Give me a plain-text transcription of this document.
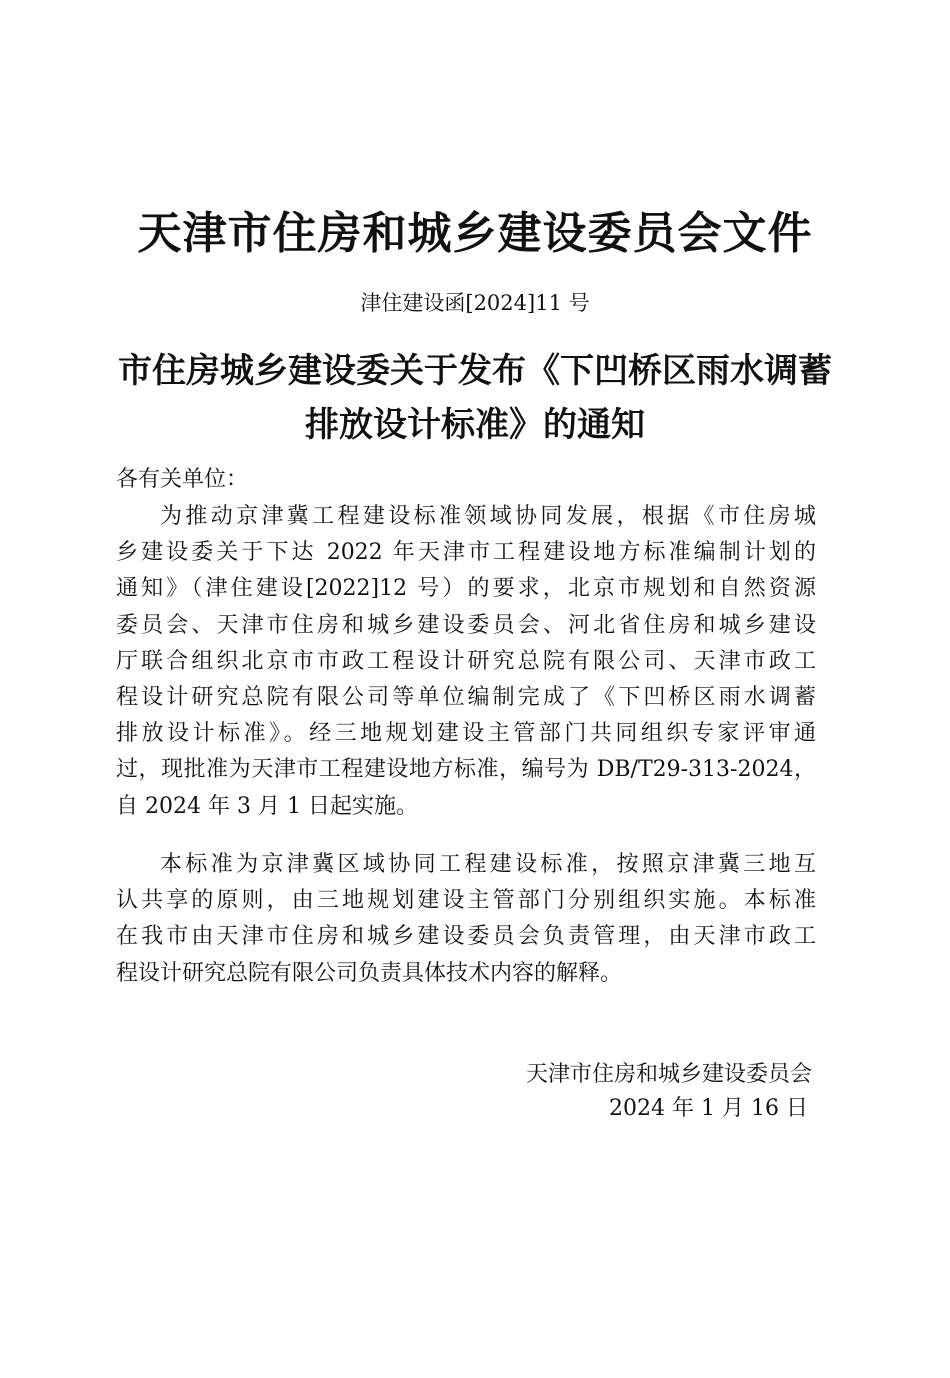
天津市住房和城乡建设委员会文件
津住建设函[2024]11 号
市住房城乡建设委关于发布《下凹桥区雨水调蓄
排放设计标准》的通知
各有关单位：
为推动京津冀工程建设标准领域协同发展，根据《市住房城
乡建设委关于下达 2022 年天津市工程建设地方标准编制计划的
通知》（津住建设[2022]12 号）的要求，北京市规划和自然资源
委员会、天津市住房和城乡建设委员会、河北省住房和城乡建设
厅联合组织北京市市政工程设计研究总院有限公司、天津市政工
程设计研究总院有限公司等单位编制完成了《下凹桥区雨水调蓄
排放设计标准》。经三地规划建设主管部门共同组织专家评审通
过，现批准为天津市工程建设地方标准，编号为 DB/T29-313-2024，
自 2024 年 3 月 1 日起实施。
本标准为京津冀区域协同工程建设标准，按照京津冀三地互
认共享的原则，由三地规划建设主管部门分别组织实施。本标准
在我市由天津市住房和城乡建设委员会负责管理，由天津市政工
程设计研究总院有限公司负责具体技术内容的解释。
天津市住房和城乡建设委员会
2024 年 1 月 16 日
